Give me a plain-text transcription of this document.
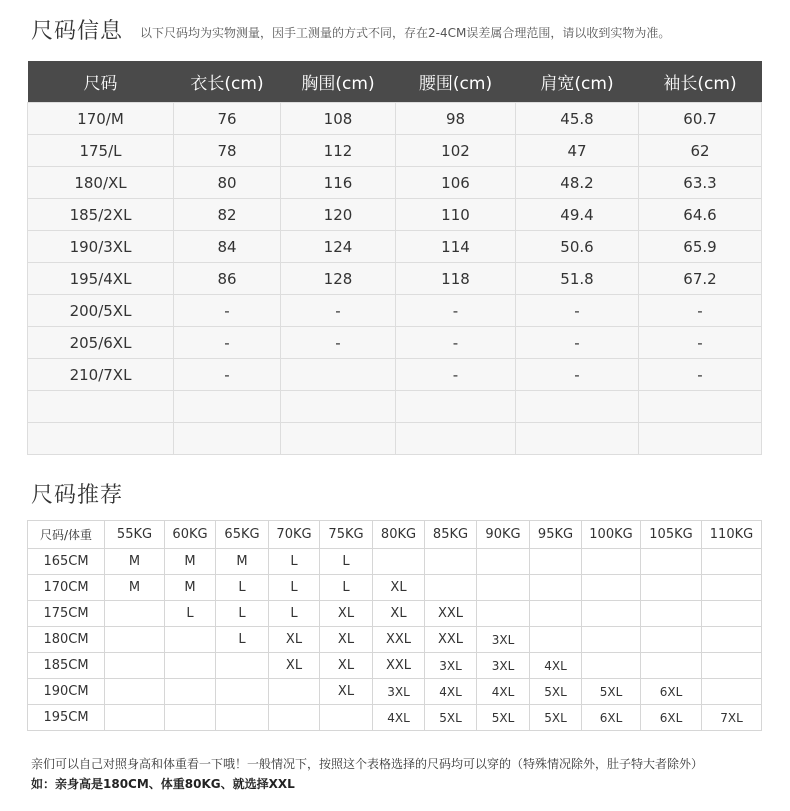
尺码信息 以下尺码均为实物测量，因手工测量的方式不同，存在2-4CM误差属合理范围，请以收到实物为准。
尺码	衣长(cm)	胸围(cm)	腰围(cm)	肩宽(cm)	袖长(cm)
170/M	76	108	98	45.8	60.7
175/L	78	112	102	47	62
180/XL	80	116	106	48.2	63.3
185/2XL	82	120	110	49.4	64.6
190/3XL	84	124	114	50.6	65.9
195/4XL	86	128	118	51.8	67.2
200/5XL	-	-	-	-	-
205/6XL	-	-	-	-	-
210/7XL	-		-	-	-

尺码推荐
尺码/体重	55KG	60KG	65KG	70KG	75KG	80KG	85KG	90KG	95KG	100KG	105KG	110KG
165CM	M	M	M	L	L							
170CM	M	M	L	L	L	XL						
175CM		L	L	L	XL	XL	XXL					
180CM			L	XL	XL	XXL	XXL	3XL				
185CM				XL	XL	XXL	3XL	3XL	4XL			
190CM					XL	3XL	4XL	4XL	5XL	5XL	6XL	
195CM						4XL	5XL	5XL	5XL	6XL	6XL	7XL
亲们可以自己对照身高和体重看一下哦！一般情况下，按照这个表格选择的尺码均可以穿的（特殊情况除外，肚子特大者除外）
如：亲身高是180CM、体重80KG、就选择XXL
